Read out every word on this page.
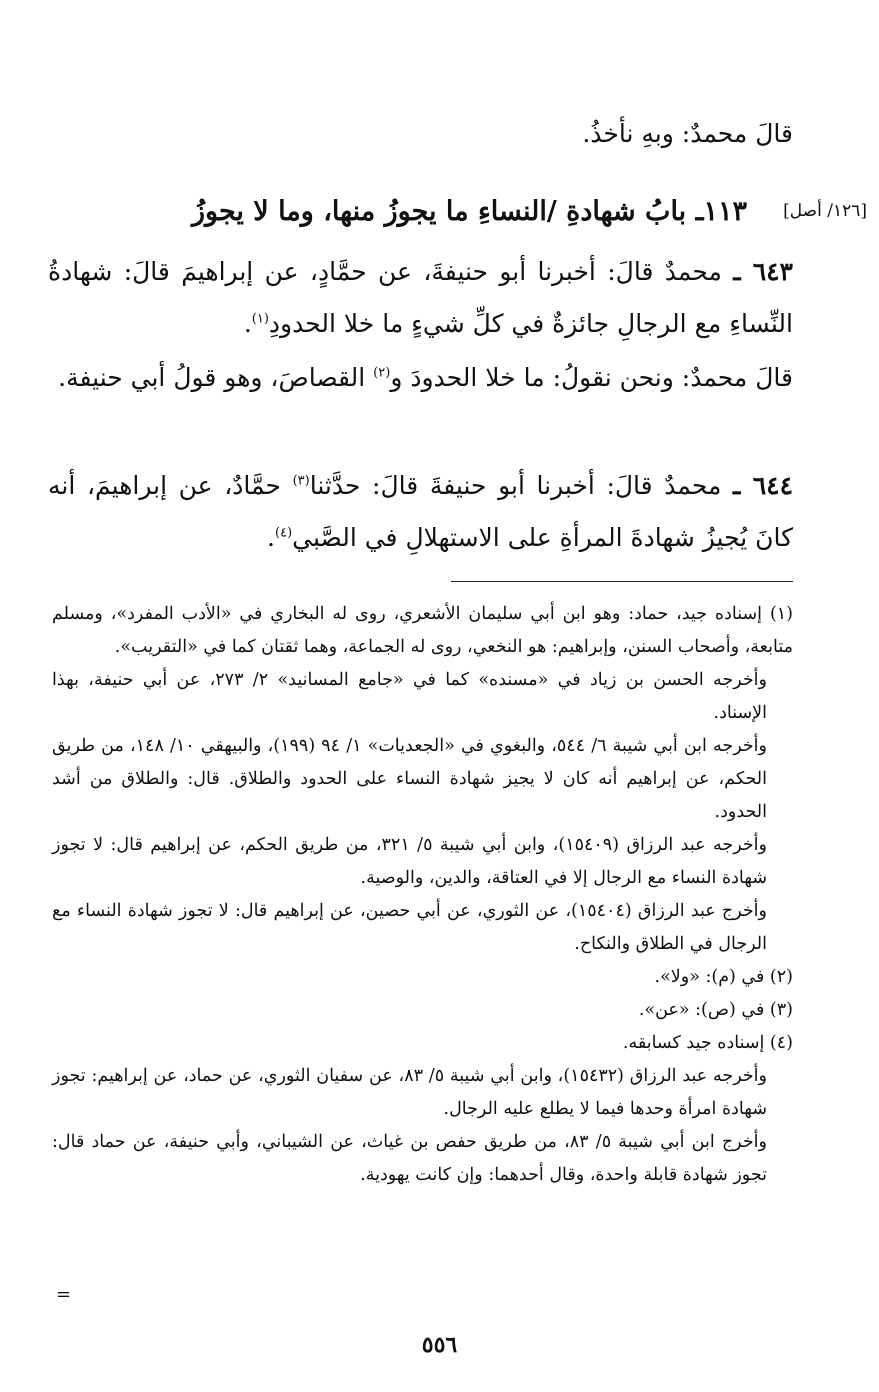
قالَ محمدٌ: وبهِ نأخذُ.
١١٣ـ بابُ شهادةِ /النساءِ ما يجوزُ منها، وما لا يجوزُ	[١٢٦/ أصل]
٦٤٣ ـ محمدٌ قالَ: أخبرنا أبو حنيفةَ، عن حمَّادٍ، عن إبراهيمَ قالَ: شهادةُ النِّساءِ مع الرجالِ جائزةٌ في كلِّ شيءٍ ما خلا الحدودِ$^{(١)}$.
قالَ محمدٌ: ونحن نقولُ: ما خلا الحدودَ و$^{(٢)}$ القصاصَ، وهو قولُ أبي حنيفة.
٦٤٤ ـ محمدٌ قالَ: أخبرنا أبو حنيفةَ قالَ: حدَّثنا$^{(٣)}$ حمَّادٌ، عن إبراهيمَ، أنه كانَ يُجيزُ شهادةَ المرأةِ على الاستهلالِ في الصَّبي$^{(٤)}$.

(١) إسناده جيد، حماد: وهو ابن أبي سليمان الأشعري، روى له البخاري في «الأدب المفرد»، ومسلم متابعة، وأصحاب السنن، وإبراهيم: هو النخعي، روى له الجماعة، وهما ثقتان كما في «التقريب».

وأخرجه الحسن بن زياد في «مسنده» كما في «جامع المسانيد» ٢/ ٢٧٣، عن أبي حنيفة، بهذا الإسناد.

وأخرجه ابن أبي شيبة ٦/ ٥٤٤، والبغوي في «الجعديات» ١/ ٩٤ (١٩٩)، والبيهقي ١٠/ ١٤٨، من طريق الحكم، عن إبراهيم أنه كان لا يجيز شهادة النساء على الحدود والطلاق. قال: والطلاق من أشد الحدود.

وأخرجه عبد الرزاق (١٥٤٠٩)، وابن أبي شيبة ٥/ ٣٢١، من طريق الحكم، عن إبراهيم قال: لا تجوز شهادة النساء مع الرجال إلا في العتاقة، والدين، والوصية.

وأخرج عبد الرزاق (١٥٤٠٤)، عن الثوري، عن أبي حصين، عن إبراهيم قال: لا تجوز شهادة النساء مع الرجال في الطلاق والنكاح.

(٢) في (م): «ولا».

(٣) في (ص): «عن».

(٤) إسناده جيد كسابقه.

وأخرجه عبد الرزاق (١٥٤٣٢)، وابن أبي شيبة ٥/ ٨٣، عن سفيان الثوري، عن حماد، عن إبراهيم: تجوز شهادة امرأة وحدها فيما لا يطلع عليه الرجال.

وأخرج ابن أبي شيبة ٥/ ٨٣، من طريق حفص بن غياث، عن الشيباني، وأبي حنيفة، عن حماد قال: تجوز شهادة قابلة واحدة، وقال أحدهما: وإن كانت يهودية.

=
٥٥٦
